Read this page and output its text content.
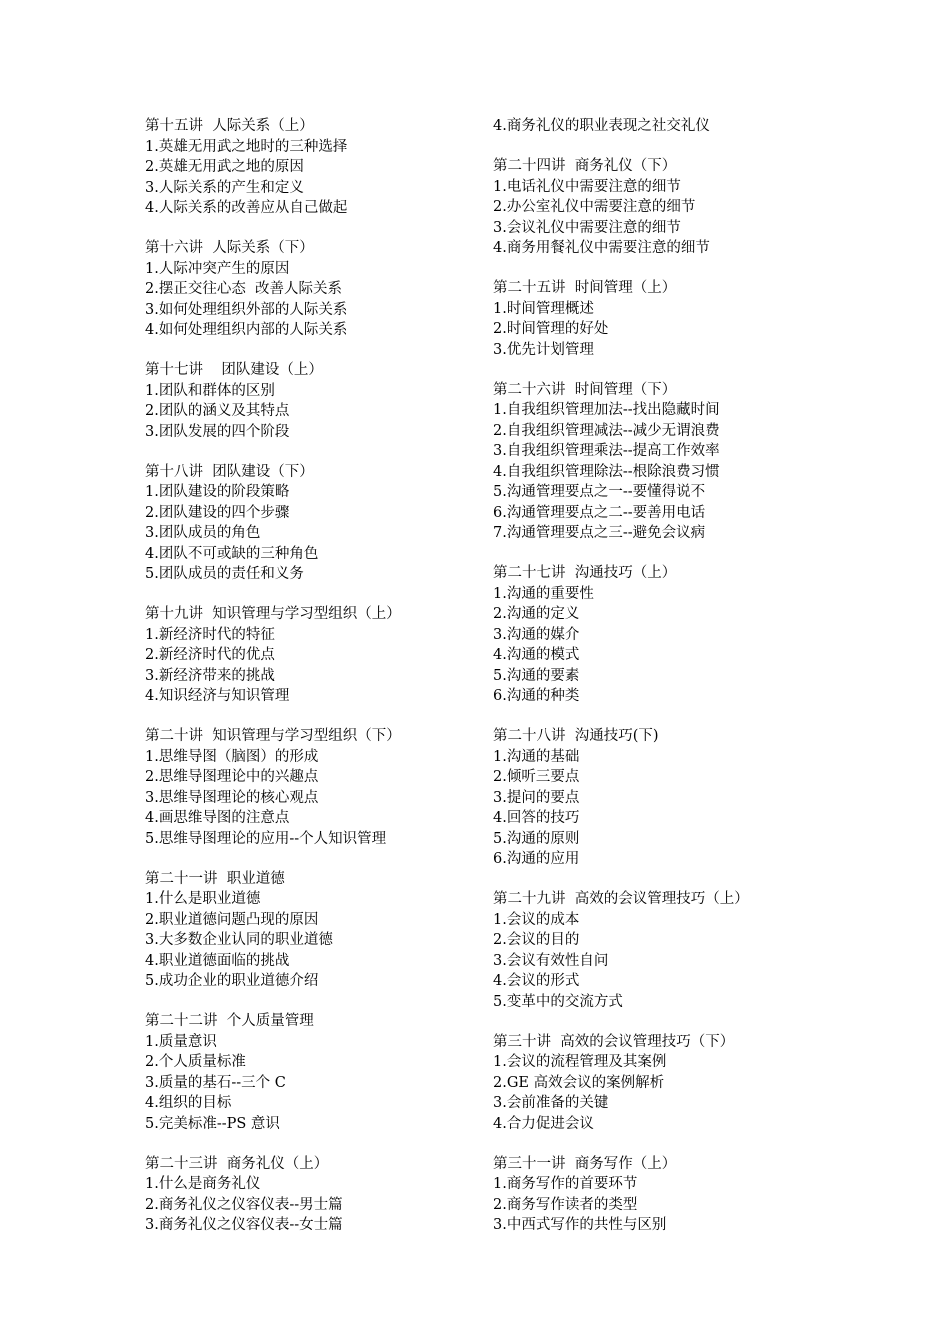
第十五讲  人际关系（上）
1.英雄无用武之地时的三种选择
2.英雄无用武之地的原因
3.人际关系的产生和定义
4.人际关系的改善应从自己做起
第十六讲  人际关系（下）
1.人际冲突产生的原因
2.摆正交往心态  改善人际关系
3.如何处理组织外部的人际关系
4.如何处理组织内部的人际关系
第十七讲    团队建设（上）
1.团队和群体的区别
2.团队的涵义及其特点
3.团队发展的四个阶段
第十八讲  团队建设（下）
1.团队建设的阶段策略
2.团队建设的四个步骤
3.团队成员的角色
4.团队不可或缺的三种角色
5.团队成员的责任和义务
第十九讲  知识管理与学习型组织（上）
1.新经济时代的特征
2.新经济时代的优点
3.新经济带来的挑战
4.知识经济与知识管理
第二十讲  知识管理与学习型组织（下）
1.思维导图（脑图）的形成
2.思维导图理论中的兴趣点
3.思维导图理论的核心观点
4.画思维导图的注意点
5.思维导图理论的应用--个人知识管理
第二十一讲  职业道德
1.什么是职业道德
2.职业道德问题凸现的原因
3.大多数企业认同的职业道德
4.职业道德面临的挑战
5.成功企业的职业道德介绍
第二十二讲  个人质量管理
1.质量意识
2.个人质量标准
3.质量的基石--三个 C
4.组织的目标
5.完美标准--PS 意识
第二十三讲  商务礼仪（上）
1.什么是商务礼仪
2.商务礼仪之仪容仪表--男士篇
3.商务礼仪之仪容仪表--女士篇
4.商务礼仪的职业表现之社交礼仪
第二十四讲  商务礼仪（下）
1.电话礼仪中需要注意的细节
2.办公室礼仪中需要注意的细节
3.会议礼仪中需要注意的细节
4.商务用餐礼仪中需要注意的细节
第二十五讲  时间管理（上）
1.时间管理概述
2.时间管理的好处
3.优先计划管理
第二十六讲  时间管理（下）
1.自我组织管理加法--找出隐藏时间
2.自我组织管理减法--减少无谓浪费
3.自我组织管理乘法--提高工作效率
4.自我组织管理除法--根除浪费习惯
5.沟通管理要点之一--要懂得说不
6.沟通管理要点之二--要善用电话
7.沟通管理要点之三--避免会议病
第二十七讲  沟通技巧（上）
1.沟通的重要性
2.沟通的定义
3.沟通的媒介
4.沟通的模式
5.沟通的要素
6.沟通的种类
第二十八讲  沟通技巧(下)
1.沟通的基础
2.倾听三要点
3.提问的要点
4.回答的技巧
5.沟通的原则
6.沟通的应用
第二十九讲  高效的会议管理技巧（上）
1.会议的成本
2.会议的目的
3.会议有效性自问
4.会议的形式
5.变革中的交流方式
第三十讲  高效的会议管理技巧（下）
1.会议的流程管理及其案例
2.GE 高效会议的案例解析
3.会前准备的关键
4.合力促进会议
第三十一讲  商务写作（上）
1.商务写作的首要环节
2.商务写作读者的类型
3.中西式写作的共性与区别
